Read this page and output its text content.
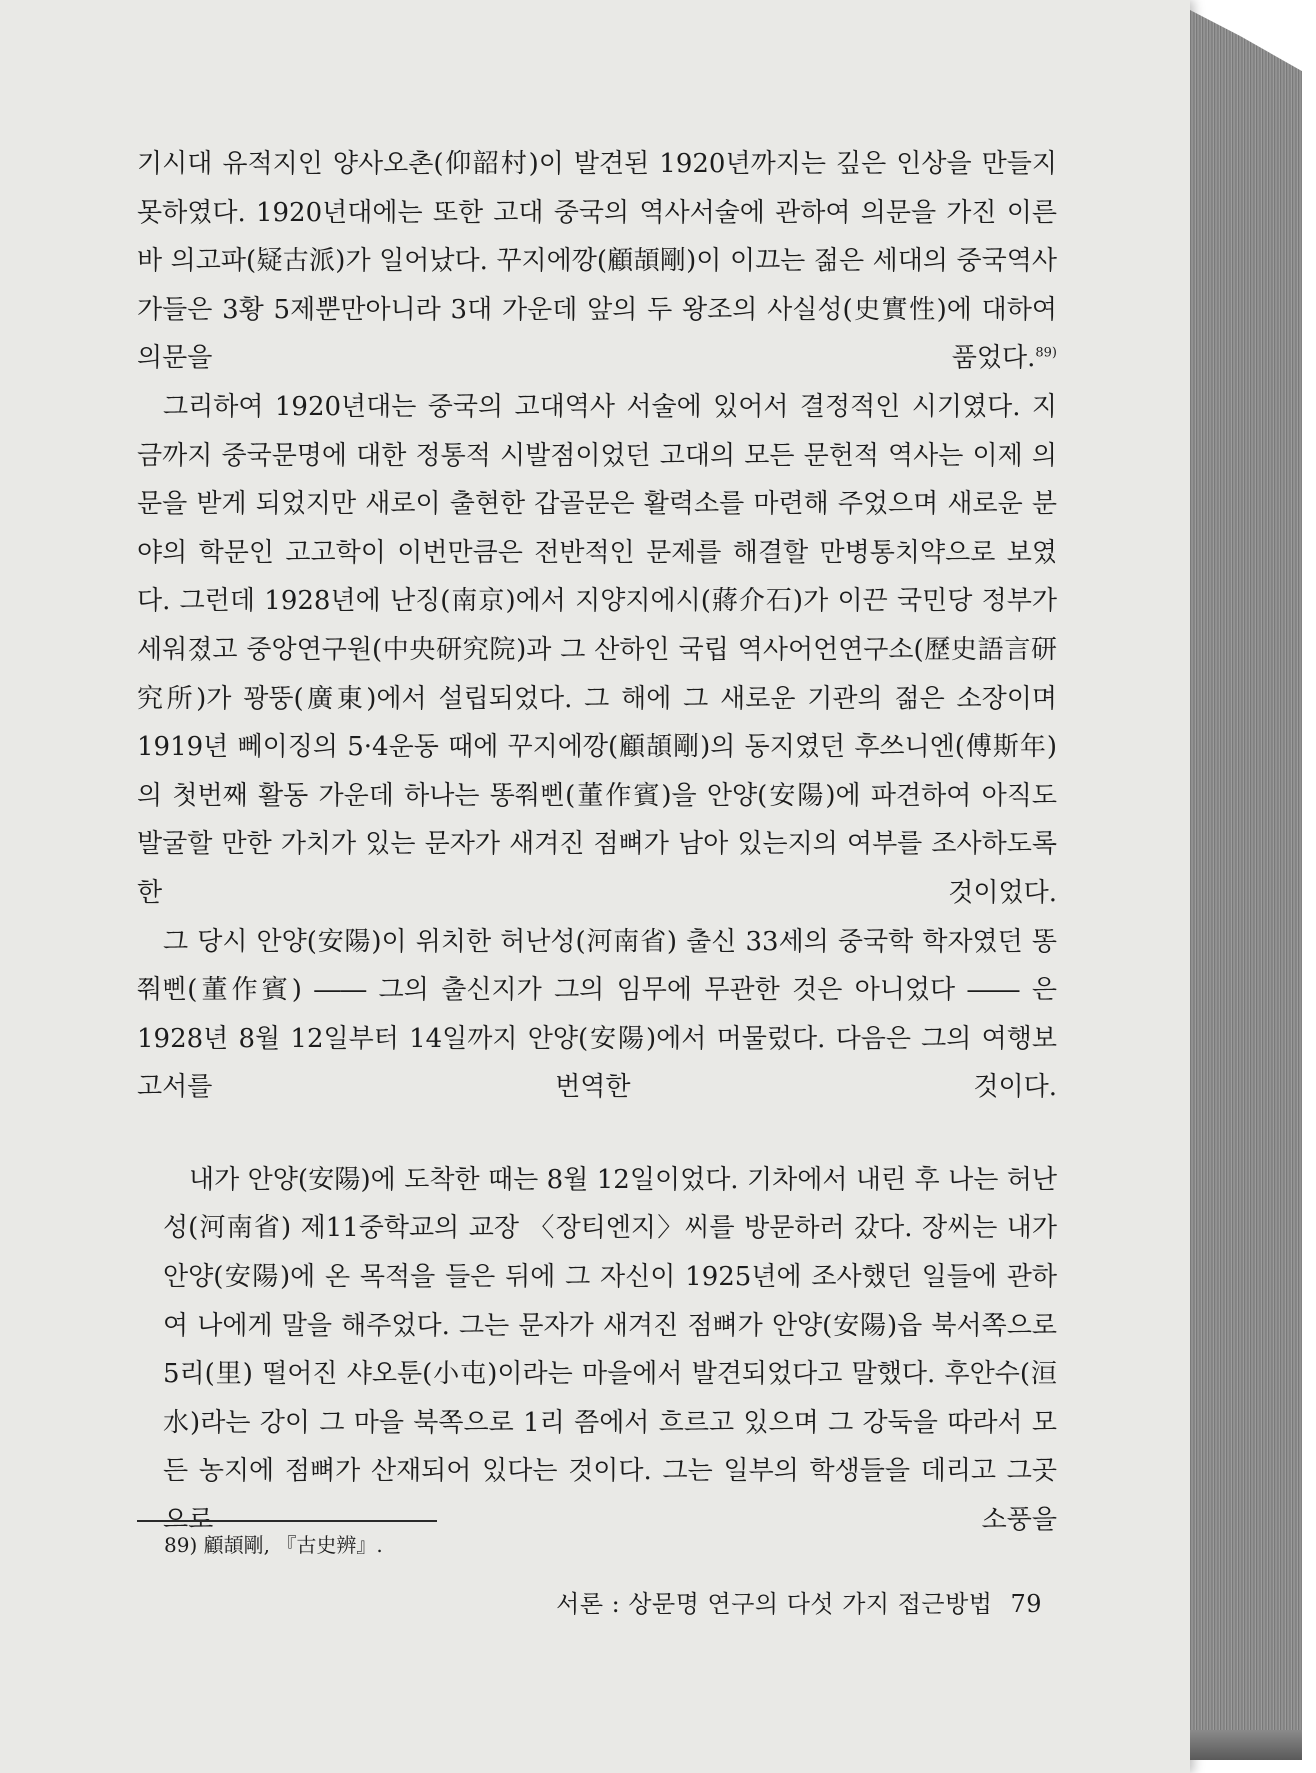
기시대 유적지인 양사오촌(仰韶村)이 발견된 1920년까지는 깊은 인상을 만들지 못하였다. 1920년대에는 또한 고대 중국의 역사서술에 관하여 의문을 가진 이른바 의고파(疑古派)가 일어났다. 꾸지에깡(顧頡剛)이 이끄는 젊은 세대의 중국역사가들은 3황 5제뿐만아니라 3대 가운데 앞의 두 왕조의 사실성(史實性)에 대하여 의문을 품었다.$^{89)}$

그리하여 1920년대는 중국의 고대역사 서술에 있어서 결정적인 시기였다. 지금까지 중국문명에 대한 정통적 시발점이었던 고대의 모든 문헌적 역사는 이제 의문을 받게 되었지만 새로이 출현한 갑골문은 활력소를 마련해 주었으며 새로운 분야의 학문인 고고학이 이번만큼은 전반적인 문제를 해결할 만병통치약으로 보였다. 그런데 1928년에 난징(南京)에서 지양지에시(蔣介石)가 이끈 국민당 정부가 세워졌고 중앙연구원(中央研究院)과 그 산하인 국립 역사어언연구소(歷史語言研究所)가 꽝뚱(廣東)에서 설립되었다. 그 해에 그 새로운 기관의 젊은 소장이며 1919년 뻬이징의 5·4운동 때에 꾸지에깡(顧頡剛)의 동지였던 후쓰니엔(傅斯年)의 첫번째 활동 가운데 하나는 똥쭤삔(董作賓)을 안양(安陽)에 파견하여 아직도 발굴할 만한 가치가 있는 문자가 새겨진 점뼈가 남아 있는지의 여부를 조사하도록 한 것이었다.

그 당시 안양(安陽)이 위치한 허난성(河南省) 출신 33세의 중국학 학자였던 똥쭤삔(董作賓) ―― 그의 출신지가 그의 임무에 무관한 것은 아니었다 ―― 은 1928년 8월 12일부터 14일까지 안양(安陽)에서 머물렀다. 다음은 그의 여행보고서를 번역한 것이다.

내가 안양(安陽)에 도착한 때는 8월 12일이었다. 기차에서 내린 후 나는 허난성(河南省) 제11중학교의 교장 〈장티엔지〉씨를 방문하러 갔다. 장씨는 내가 안양(安陽)에 온 목적을 들은 뒤에 그 자신이 1925년에 조사했던 일들에 관하여 나에게 말을 해주었다. 그는 문자가 새겨진 점뼈가 안양(安陽)읍 북서쪽으로 5리(里) 떨어진 샤오툰(小屯)이라는 마을에서 발견되었다고 말했다. 후안수(洹水)라는 강이 그 마을 북쪽으로 1리 쯤에서 흐르고 있으며 그 강둑을 따라서 모든 농지에 점뼈가 산재되어 있다는 것이다. 그는 일부의 학생들을 데리고 그곳으로 소풍을

89) 顧頡剛, 『古史辨』.
서론 : 상문명 연구의 다섯 가지 접근방법 79
